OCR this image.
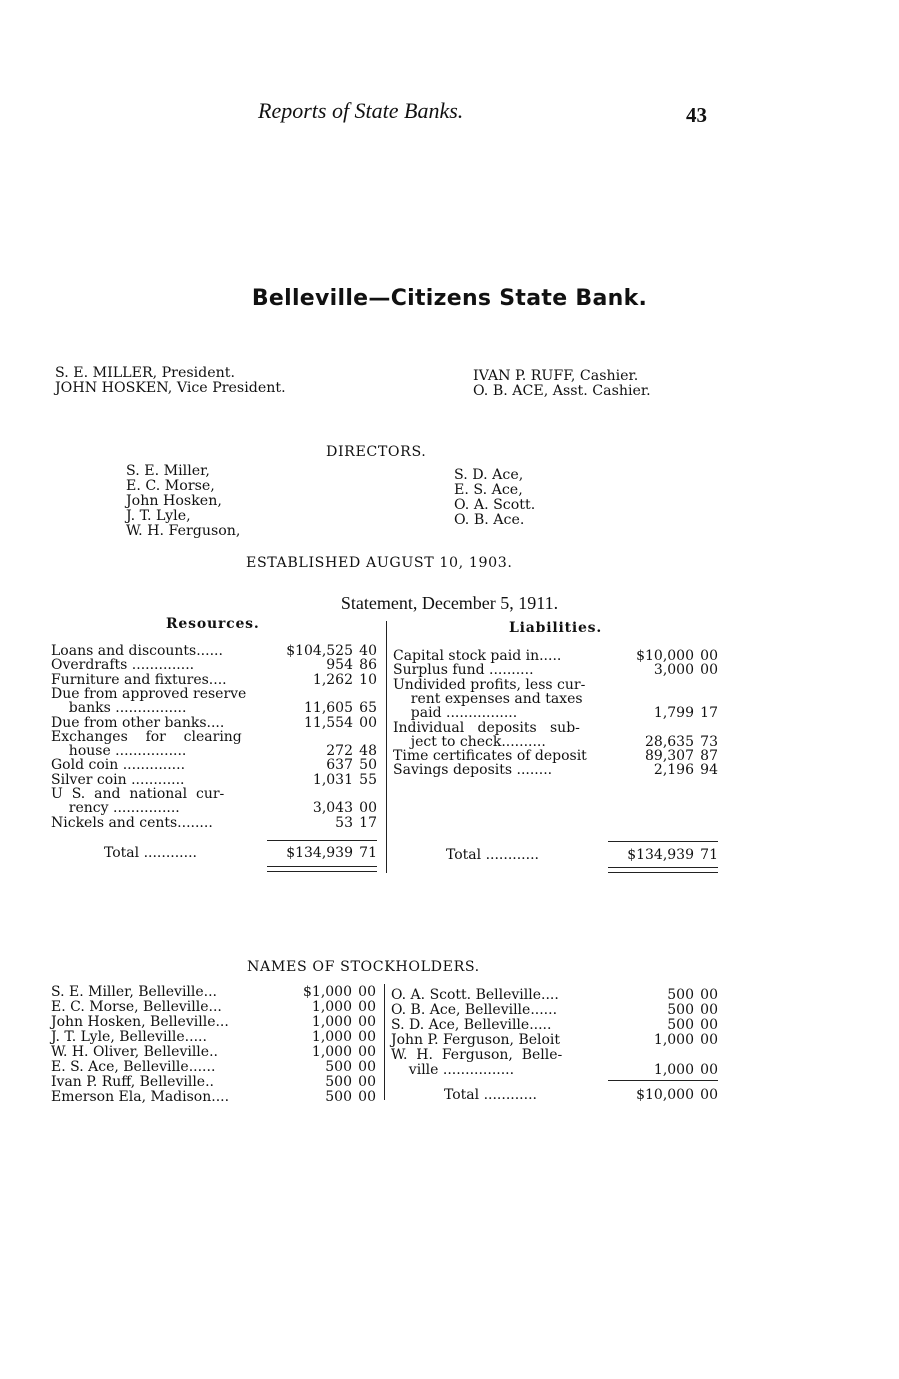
Reports of State Banks.	43
Belleville—Citizens State Bank.
S. E. MILLER, President.
JOHN HOSKEN, Vice President.
IVAN P. RUFF, Cashier.
O. B. ACE, Asst. Cashier.
DIRECTORS.
S. E. Miller,
E. C. Morse,
John Hosken,
J. T. Lyle,
W. H. Ferguson,
S. D. Ace,
E. S. Ace,
O. A. Scott.
O. B. Ace.
ESTABLISHED AUGUST 10, 1903.
Statement, December 5, 1911.
Resources.	Liabilities.
Loans and discounts......	$104,525 40
Overdrafts ..............	954 86
Furniture and fixtures....	1,262 10
Due from approved reserve
banks ................	11,605 65
Due from other banks....	11,554 00
Exchanges    for    clearing
house ................	272 48
Gold coin ..............	637 50
Silver coin ............	1,031 55
U  S.  and  national  cur-
rency ...............	3,043 00
Nickels and cents........	53 17
Total ............	$134,939 71
Capital stock paid in.....	$10,000 00
Surplus fund ..........	3,000 00
Undivided profits, less cur-
rent expenses and taxes
paid ................	1,799 17
Individual   deposits   sub-
ject to check..........	28,635 73
Time certificates of deposit	89,307 87
Savings deposits ........	2,196 94
Total ............	$134,939 71
NAMES OF STOCKHOLDERS.
S. E. Miller, Belleville...	$1,000 00
E. C. Morse, Belleville...	1,000 00
John Hosken, Belleville...	1,000 00
J. T. Lyle, Belleville.....	1,000 00
W. H. Oliver, Belleville..	1,000 00
E. S. Ace, Belleville......	500 00
Ivan P. Ruff, Belleville..	500 00
Emerson Ela, Madison....	500 00
O. A. Scott. Belleville....	500 00
O. B. Ace, Belleville......	500 00
S. D. Ace, Belleville.....	500 00
John P. Ferguson, Beloit	1,000 00
W.  H.  Ferguson,  Belle-
ville ................	1,000 00
Total ............	$10,000 00
